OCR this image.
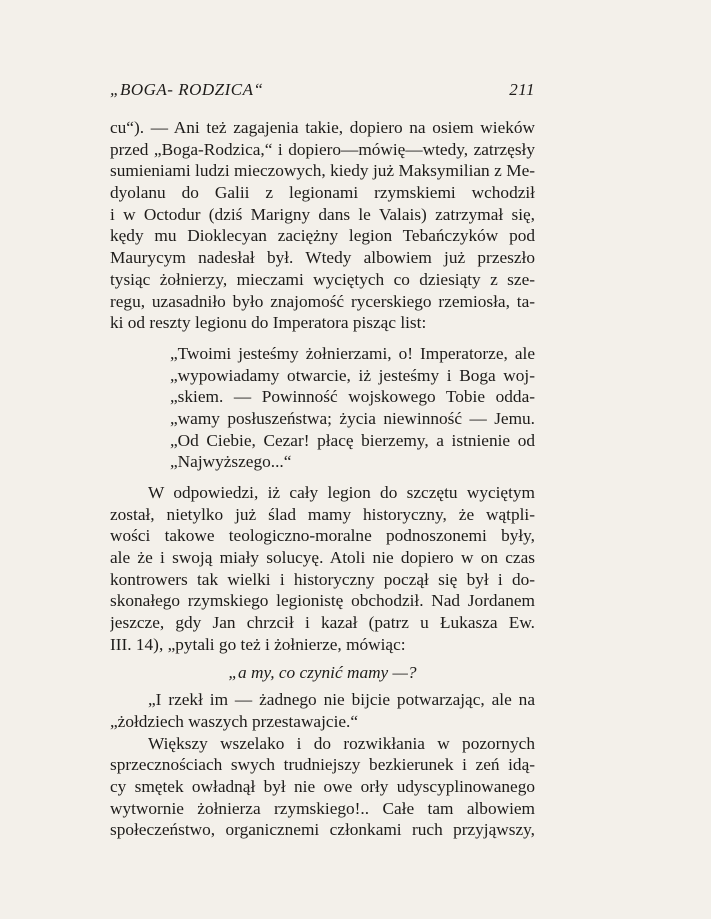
„BOGA- RODZICA“	211
cu“). — Ani też zagajenia takie, dopiero na osiem wieków
przed „Boga-Rodzica,“ i dopiero—mówię—wtedy, zatrzęsły
sumieniami ludzi mieczowych, kiedy już Maksymilian z Me-
dyolanu do Galii z legionami rzymskiemi wchodził
i w Octodur (dziś Marigny dans le Valais) zatrzymał się,
kędy mu Dioklecyan zaciężny legion Tebańczyków pod
Maurycym nadesłał był. Wtedy albowiem już przeszło
tysiąc żołnierzy, mieczami wyciętych co dziesiąty z sze-
regu, uzasadniło było znajomość rycerskiego rzemiosła, ta-
ki od reszty legionu do Imperatora pisząc list:
„Twoimi jesteśmy żołnierzami, o! Imperatorze, ale
„wypowiadamy otwarcie, iż jesteśmy i Boga woj-
„skiem. — Powinność wojskowego Tobie odda-
„wamy posłuszeństwa; życia niewinność — Jemu.
„Od Ciebie, Cezar! płacę bierzemy, a istnienie od
„Najwyższego...“
W odpowiedzi, iż cały legion do szczętu wyciętym
został, nietylko już ślad mamy historyczny, że wątpli-
wości takowe teologiczno-moralne podnoszonemi były,
ale że i swoją miały solucyę. Atoli nie dopiero w on czas
kontrowers tak wielki i historyczny począł się był i do-
skonałego rzymskiego legionistę obchodził. Nad Jordanem
jeszcze, gdy Jan chrzcił i kazał (patrz u Łukasza Ew.
III. 14), „pytali go też i żołnierze, mówiąc:
„a my, co czynić mamy —?
„I rzekł im — żadnego nie bijcie potwarzając, ale na
„żołdziech waszych przestawajcie.“
Większy wszelako i do rozwikłania w pozornych
sprzecznościach swych trudniejszy bezkierunek i zeń idą-
cy smętek owładnął był nie owe orły udyscyplinowanego
wytwornie żołnierza rzymskiego!.. Całe tam albowiem
społeczeństwo, organicznemi członkami ruch przyjąwszy,
